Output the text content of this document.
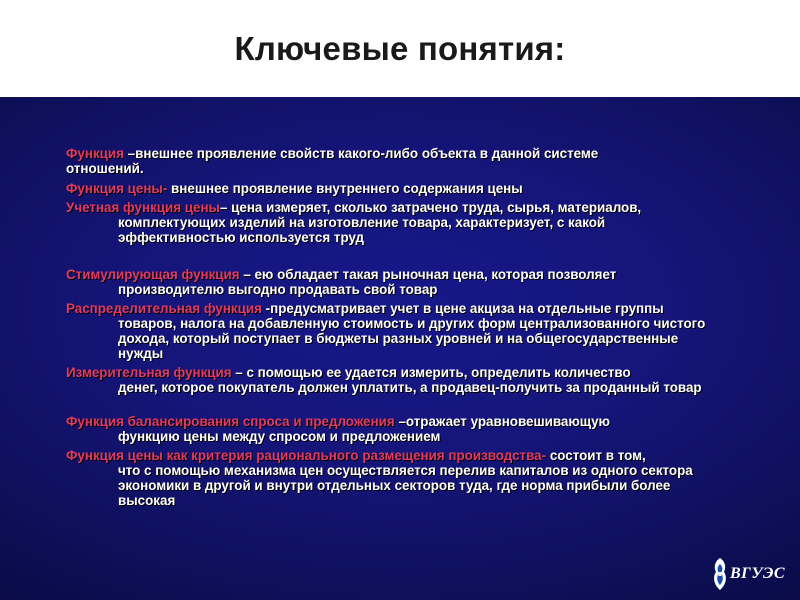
Ключевые понятия:
Функция –внешнее проявление свойств какого-либо объекта в данной системе
отношений.
Функция цены- внешнее проявление внутреннего содержания цены
Учетная функция цены– цена измеряет, сколько затрачено труда, сырья, материалов,
комплектующих изделий на изготовление товара, характеризует, с какой эффективностью используется труд
Стимулирующая функция – ею обладает такая рыночная цена, которая позволяет
производителю выгодно продавать свой товар
Распределительная функция -предусматривает учет в цене акциза на отдельные группы
товаров, налога на добавленную стоимость и других форм централизованного чистого дохода, который поступает в бюджеты разных уровней и на общегосударственные нужды
Измерительная функция – с помощью ее удается измерить, определить количество
денег, которое покупатель должен уплатить, а продавец-получить за проданный товар
Функция балансирования спроса и предложения –отражает уравновешивающую
функцию цены между спросом и предложением
Функция цены как критерия рационального размещения производства- состоит в том,
что с помощью механизма цен осуществляется перелив капиталов из одного сектора экономики в другой и внутри отдельных секторов туда, где норма прибыли более высокая
ВГУЭС
